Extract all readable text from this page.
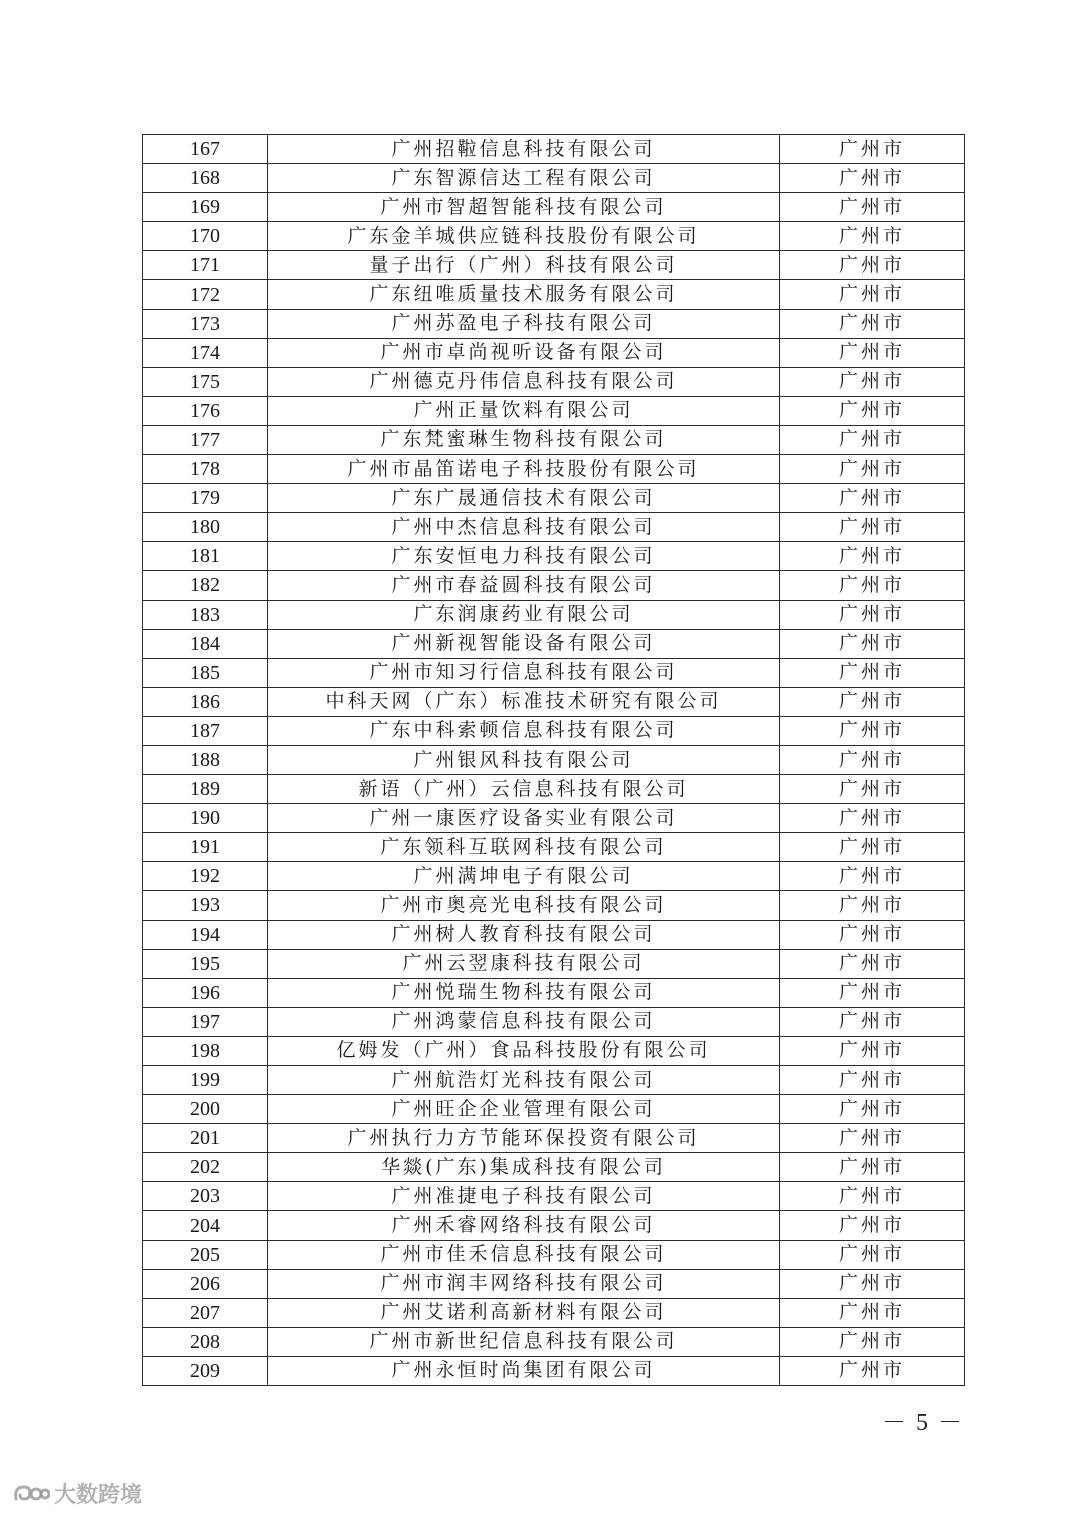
167	广州招鞡信息科技有限公司	广州市
168	广东智源信达工程有限公司	广州市
169	广州市智超智能科技有限公司	广州市
170	广东金羊城供应链科技股份有限公司	广州市
171	量子出行（广州）科技有限公司	广州市
172	广东纽唯质量技术服务有限公司	广州市
173	广州苏盈电子科技有限公司	广州市
174	广州市卓尚视听设备有限公司	广州市
175	广州德克丹伟信息科技有限公司	广州市
176	广州正量饮料有限公司	广州市
177	广东梵蜜琳生物科技有限公司	广州市
178	广州市晶笛诺电子科技股份有限公司	广州市
179	广东广晟通信技术有限公司	广州市
180	广州中杰信息科技有限公司	广州市
181	广东安恒电力科技有限公司	广州市
182	广州市春益圆科技有限公司	广州市
183	广东润康药业有限公司	广州市
184	广州新视智能设备有限公司	广州市
185	广州市知习行信息科技有限公司	广州市
186	中科天网（广东）标准技术研究有限公司	广州市
187	广东中科索顿信息科技有限公司	广州市
188	广州银风科技有限公司	广州市
189	新语（广州）云信息科技有限公司	广州市
190	广州一康医疗设备实业有限公司	广州市
191	广东领科互联网科技有限公司	广州市
192	广州满坤电子有限公司	广州市
193	广州市奥亮光电科技有限公司	广州市
194	广州树人教育科技有限公司	广州市
195	广州云翌康科技有限公司	广州市
196	广州悦瑞生物科技有限公司	广州市
197	广州鸿蒙信息科技有限公司	广州市
198	亿姆发（广州）食品科技股份有限公司	广州市
199	广州航浩灯光科技有限公司	广州市
200	广州旺企企业管理有限公司	广州市
201	广州执行力方节能环保投资有限公司	广州市
202	华燚(广东)集成科技有限公司	广州市
203	广州准捷电子科技有限公司	广州市
204	广州禾睿网络科技有限公司	广州市
205	广州市佳禾信息科技有限公司	广州市
206	广州市润丰网络科技有限公司	广州市
207	广州艾诺利高新材料有限公司	广州市
208	广州市新世纪信息科技有限公司	广州市
209	广州永恒时尚集团有限公司	广州市
－ 5 －
大数跨境
